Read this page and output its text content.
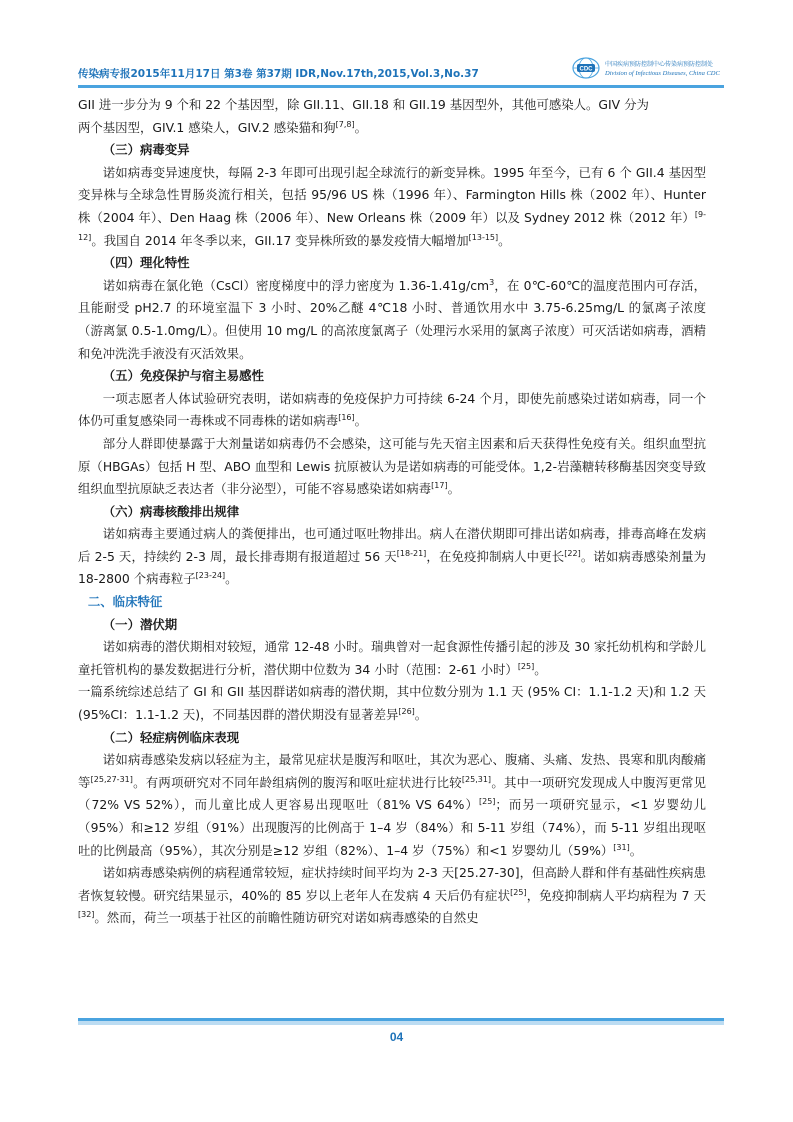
传染病专报2015年11月17日 第3卷 第37期 IDR,Nov.17th,2015,Vol.3,No.37	CDC
中国疾病预防控制中心传染病预防控制处
Division of Infectious Diseases, China CDC
GII 进一步分为 9 个和 22 个基因型，除 GII.11、GII.18 和 GII.19 基因型外，其他可感染人。GIV 分为
两个基因型，GIV.1 感染人，GIV.2 感染猫和狗[7,8]。
（三）病毒变异
诺如病毒变异速度快，每隔 2-3 年即可出现引起全球流行的新变异株。1995 年至今，已有 6 个 GII.4 基因型变异株与全球急性胃肠炎流行相关，包括 95/96 US 株（1996 年）、Farmington Hills 株（2002 年）、Hunter 株（2004 年）、Den Haag 株（2006 年）、New Orleans 株（2009 年）以及 Sydney 2012 株（2012 年）[9-12]。我国自 2014 年冬季以来，GII.17 变异株所致的暴发疫情大幅增加[13-15]。
（四）理化特性
诺如病毒在氯化铯（CsCl）密度梯度中的浮力密度为 $1.36-1.41g/cm^3$，在 0℃-60℃的温度范围内可存活，且能耐受 pH2.7 的环境室温下 3 小时、20%乙醚 4℃18 小时、普通饮用水中 3.75-6.25mg/L 的氯离子浓度（游离氯 0.5-1.0mg/L）。但使用 10 mg/L 的高浓度氯离子（处理污水采用的氯离子浓度）可灭活诺如病毒，酒精和免冲洗洗手液没有灭活效果。
（五）免疫保护与宿主易感性
一项志愿者人体试验研究表明，诺如病毒的免疫保护力可持续 6-24 个月，即使先前感染过诺如病毒，同一个体仍可重复感染同一毒株或不同毒株的诺如病毒[16]。
部分人群即使暴露于大剂量诺如病毒仍不会感染，这可能与先天宿主因素和后天获得性免疫有关。组织血型抗原（HBGAs）包括 H 型、ABO 血型和 Lewis 抗原被认为是诺如病毒的可能受体。1,2-岩藻糖转移酶基因突变导致组织血型抗原缺乏表达者（非分泌型），可能不容易感染诺如病毒[17]。
（六）病毒核酸排出规律
诺如病毒主要通过病人的粪便排出，也可通过呕吐物排出。病人在潜伏期即可排出诺如病毒，排毒高峰在发病后 2-5 天，持续约 2-3 周，最长排毒期有报道超过 56 天[18-21]，在免疫抑制病人中更长[22]。诺如病毒感染剂量为 18-2800 个病毒粒子[23-24]。
二、临床特征
（一）潜伏期
诺如病毒的潜伏期相对较短，通常 12-48 小时。瑞典曾对一起食源性传播引起的涉及 30 家托幼机构和学龄儿童托管机构的暴发数据进行分析，潜伏期中位数为 34 小时（范围：2-61 小时）[25]。
一篇系统综述总结了 GI 和 GII 基因群诺如病毒的潜伏期，其中位数分别为 1.1 天 (95% CI：1.1-1.2 天)和 1.2 天(95%CI：1.1-1.2 天)，不同基因群的潜伏期没有显著差异[26]。
（二）轻症病例临床表现
诺如病毒感染发病以轻症为主，最常见症状是腹泻和呕吐，其次为恶心、腹痛、头痛、发热、畏寒和肌肉酸痛等[25,27-31]。有两项研究对不同年龄组病例的腹泻和呕吐症状进行比较[25,31]。其中一项研究发现成人中腹泻更常见（72% VS 52%），而儿童比成人更容易出现呕吐（81% VS 64%）[25]；而另一项研究显示，<1 岁婴幼儿（95%）和≥12 岁组（91%）出现腹泻的比例高于 1–4 岁（84%）和 5-11 岁组（74%），而 5-11 岁组出现呕吐的比例最高（95%），其次分别是≥12 岁组（82%）、1–4 岁（75%）和<1 岁婴幼儿（59%）[31]。
诺如病毒感染病例的病程通常较短，症状持续时间平均为 2-3 天[25.27-30]，但高龄人群和伴有基础性疾病患者恢复较慢。研究结果显示，40%的 85 岁以上老年人在发病 4 天后仍有症状[25]，免疫抑制病人平均病程为 7 天[32]。然而，荷兰一项基于社区的前瞻性随访研究对诺如病毒感染的自然史
04
